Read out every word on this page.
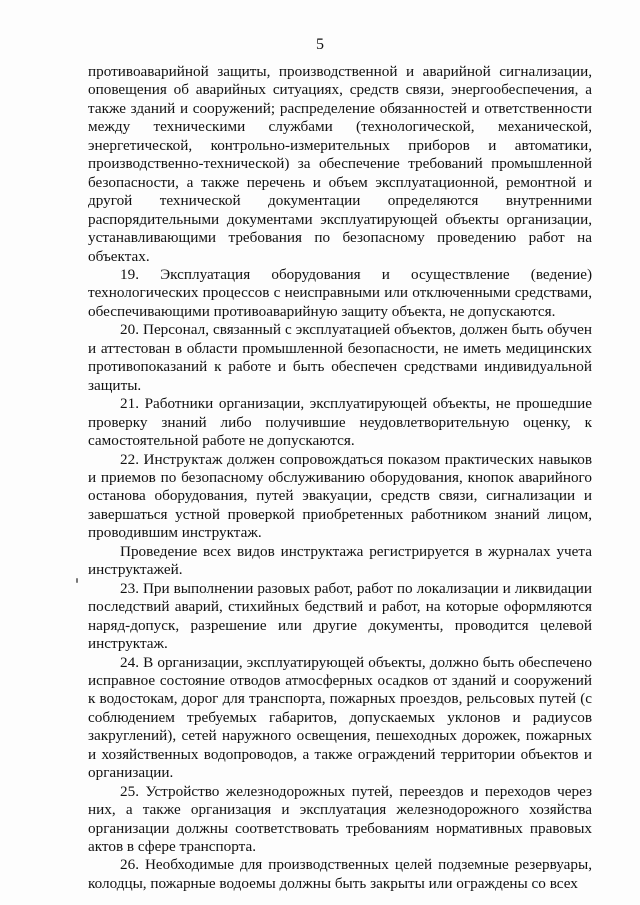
5

противоаварийной защиты, производственной и аварийной сигнализации, оповещения об аварийных ситуациях, средств связи, энергообеспечения, а также зданий и сооружений; распределение обязанностей и ответственности между техническими службами (технологической, механической, энергетической, контрольно-измерительных приборов и автоматики, производственно-технической) за обеспечение требований промышленной безопасности, а также перечень и объем эксплуатационной, ремонтной и другой технической документации определяются внутренними распорядительными документами эксплуатирующей объекты организации, устанавливающими требования по безопасному проведению работ на объектах.

19. Эксплуатация оборудования и осуществление (ведение) технологических процессов с неисправными или отключенными средствами, обеспечивающими противоаварийную защиту объекта, не допускаются.

20. Персонал, связанный с эксплуатацией объектов, должен быть обучен и аттестован в области промышленной безопасности, не иметь медицинских противопоказаний к работе и быть обеспечен средствами индивидуальной защиты.

21. Работники организации, эксплуатирующей объекты, не прошедшие проверку знаний либо получившие неудовлетворительную оценку, к самостоятельной работе не допускаются.

22. Инструктаж должен сопровождаться показом практических навыков и приемов по безопасному обслуживанию оборудования, кнопок аварийного останова оборудования, путей эвакуации, средств связи, сигнализации и завершаться устной проверкой приобретенных работником знаний лицом, проводившим инструктаж.

Проведение всех видов инструктажа регистрируется в журналах учета инструктажей.

23. При выполнении разовых работ, работ по локализации и ликвидации последствий аварий, стихийных бедствий и работ, на которые оформляются наряд-допуск, разрешение или другие документы, проводится целевой инструктаж.

24. В организации, эксплуатирующей объекты, должно быть обеспечено исправное состояние отводов атмосферных осадков от зданий и сооружений к водостокам, дорог для транспорта, пожарных проездов, рельсовых путей (с соблюдением требуемых габаритов, допускаемых уклонов и радиусов закруглений), сетей наружного освещения, пешеходных дорожек, пожарных и хозяйственных водопроводов, а также ограждений территории объектов и организации.

25. Устройство железнодорожных путей, переездов и переходов через них, а также организация и эксплуатация железнодорожного хозяйства организации должны соответствовать требованиям нормативных правовых актов в сфере транспорта.

26. Необходимые для производственных целей подземные резервуары, колодцы, пожарные водоемы должны быть закрыты или ограждены со всех
